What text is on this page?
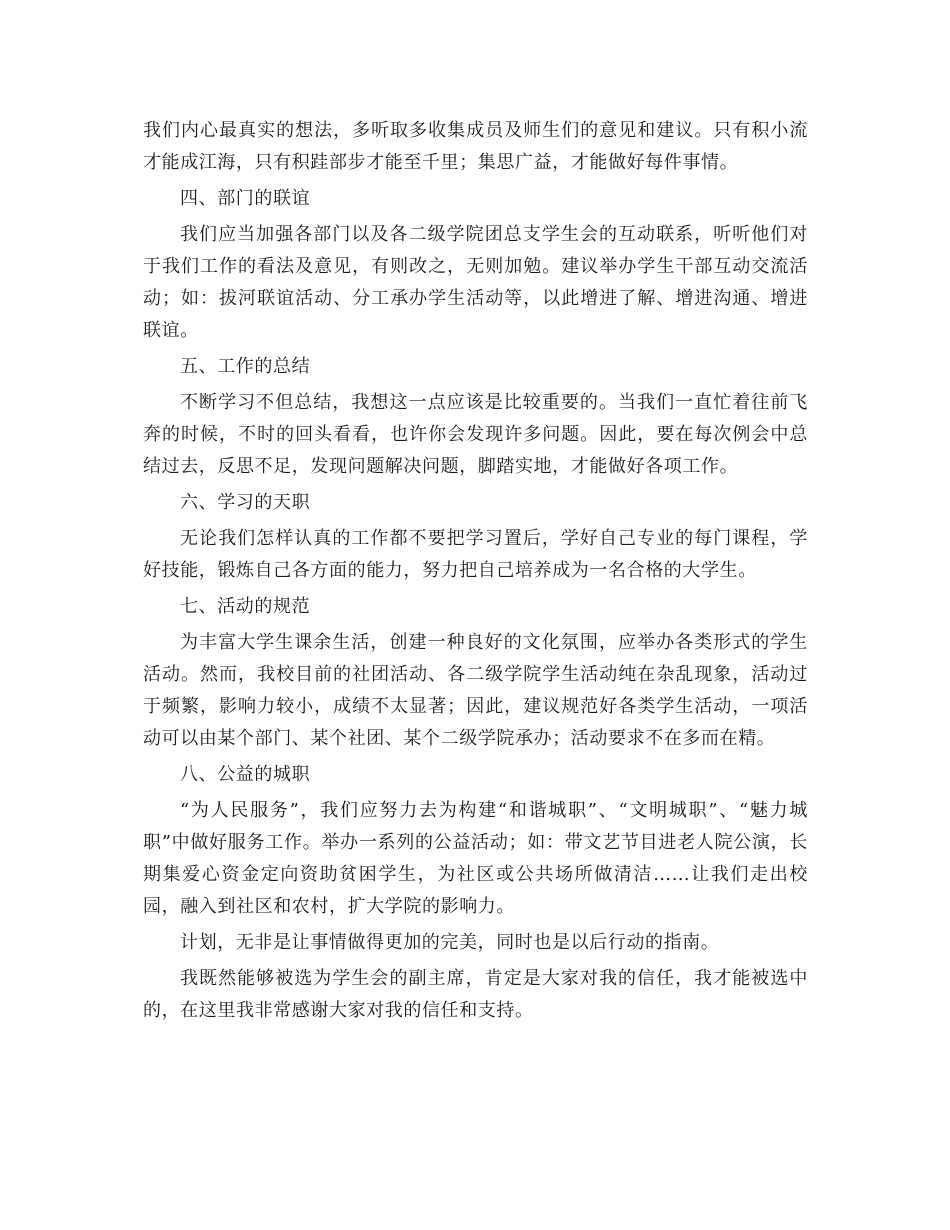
我们内心最真实的想法，多听取多收集成员及师生们的意见和建议。只有积小流才能成江海，只有积跬部步才能至千里；集思广益，才能做好每件事情。

四、部门的联谊

我们应当加强各部门以及各二级学院团总支学生会的互动联系，听听他们对于我们工作的看法及意见，有则改之，无则加勉。建议举办学生干部互动交流活动；如：拔河联谊活动、分工承办学生活动等，以此增进了解、增进沟通、增进联谊。

五、工作的总结

不断学习不但总结，我想这一点应该是比较重要的。当我们一直忙着往前飞奔的时候，不时的回头看看，也许你会发现许多问题。因此，要在每次例会中总结过去，反思不足，发现问题解决问题，脚踏实地，才能做好各项工作。

六、学习的天职

无论我们怎样认真的工作都不要把学习置后，学好自己专业的每门课程，学好技能，锻炼自己各方面的能力，努力把自己培养成为一名合格的大学生。

七、活动的规范

为丰富大学生课余生活，创建一种良好的文化氛围，应举办各类形式的学生活动。然而，我校目前的社团活动、各二级学院学生活动纯在杂乱现象，活动过于频繁，影响力较小，成绩不太显著；因此，建议规范好各类学生活动，一项活动可以由某个部门、某个社团、某个二级学院承办；活动要求不在多而在精。

八、公益的城职

“为人民服务”，我们应努力去为构建“和谐城职”、“文明城职”、“魅力城职”中做好服务工作。举办一系列的公益活动；如：带文艺节目进老人院公演，长期集爱心资金定向资助贫困学生，为社区或公共场所做清洁……让我们走出校园，融入到社区和农村，扩大学院的影响力。

计划，无非是让事情做得更加的完美，同时也是以后行动的指南。

我既然能够被选为学生会的副主席，肯定是大家对我的信任，我才能被选中的，在这里我非常感谢大家对我的信任和支持。
